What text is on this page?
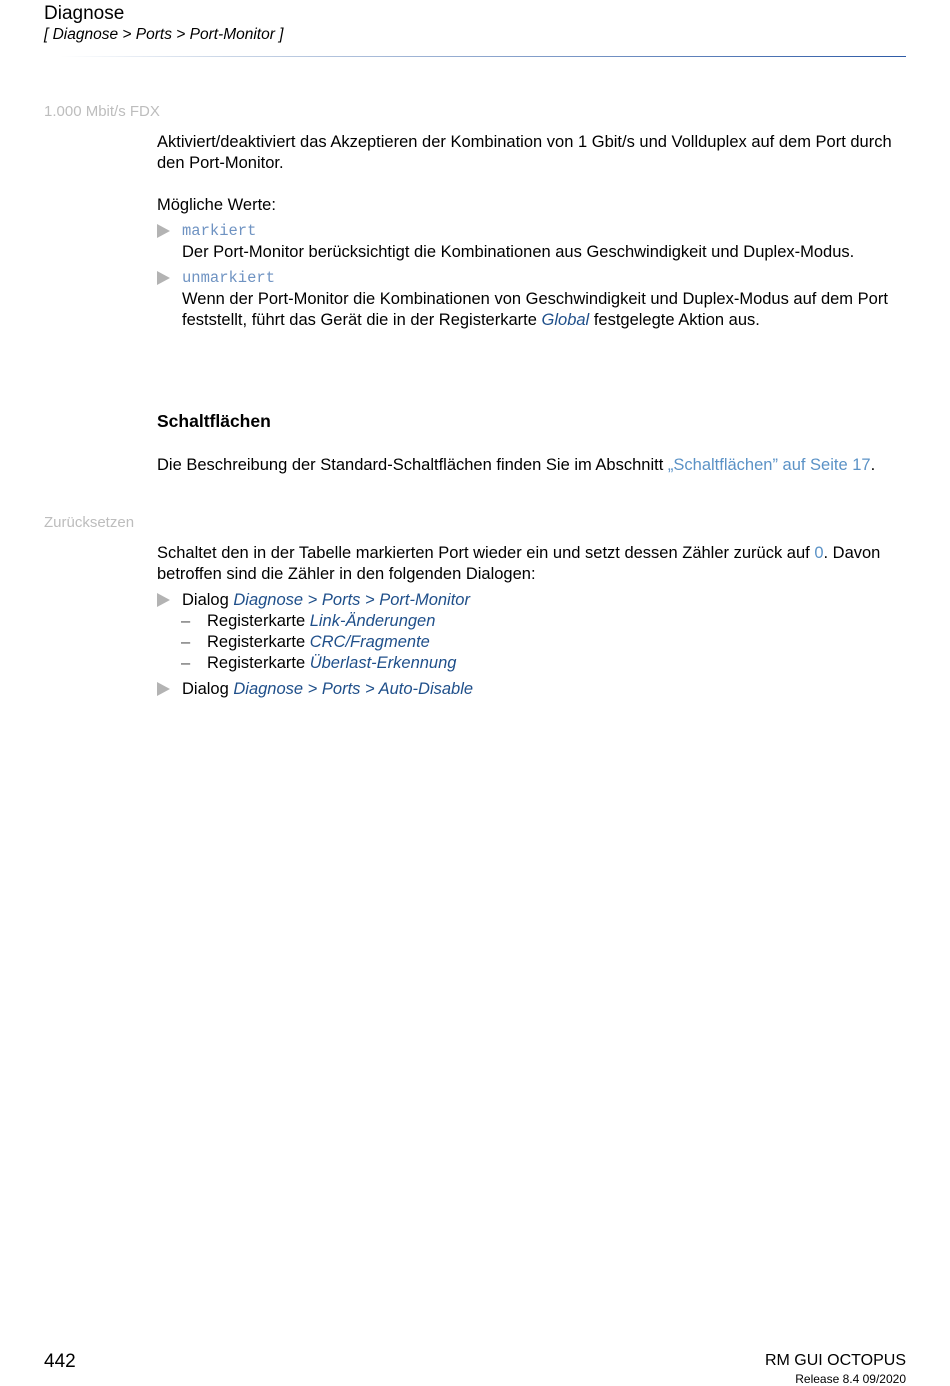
Diagnose
[ Diagnose > Ports > Port-Monitor ]
1.000 Mbit/s FDX
Aktiviert/deaktiviert das Akzeptieren der Kombination von 1 Gbit/s und Vollduplex auf dem Port durch den Port-Monitor.
Mögliche Werte:
markiert
Der Port-Monitor berücksichtigt die Kombinationen aus Geschwindigkeit und Duplex-Modus.
unmarkiert
Wenn der Port-Monitor die Kombinationen von Geschwindigkeit und Duplex-Modus auf dem Port feststellt, führt das Gerät die in der Registerkarte Global festgelegte Aktion aus.
Schaltflächen
Die Beschreibung der Standard-Schaltflächen finden Sie im Abschnitt „Schaltflächen” auf Seite 17.
Zurücksetzen
Schaltet den in der Tabelle markierten Port wieder ein und setzt dessen Zähler zurück auf 0. Davon betroffen sind die Zähler in den folgenden Dialogen:
Dialog Diagnose > Ports > Port-Monitor
– Registerkarte Link-Änderungen
– Registerkarte CRC/Fragmente
– Registerkarte Überlast-Erkennung
Dialog Diagnose > Ports > Auto-Disable
442	RM GUI OCTOPUS
Release 8.4 09/2020
